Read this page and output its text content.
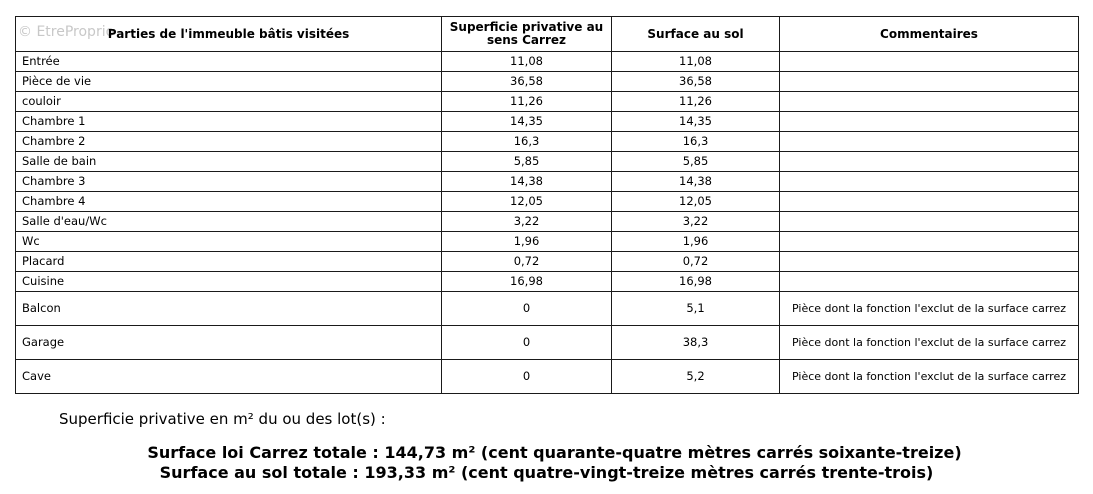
© EtreProprio
Parties de l'immeuble bâtis visitées	Superficie privative au sens Carrez	Surface au sol	Commentaires
Entrée	11,08	11,08	
Pièce de vie	36,58	36,58	
couloir	11,26	11,26	
Chambre 1	14,35	14,35	
Chambre 2	16,3	16,3	
Salle de bain	5,85	5,85	
Chambre 3	14,38	14,38	
Chambre 4	12,05	12,05	
Salle d'eau/Wc	3,22	3,22	
Wc	1,96	1,96	
Placard	0,72	0,72	
Cuisine	16,98	16,98	
Balcon	0	5,1	Pièce dont la fonction l'exclut de la surface carrez
Garage	0	38,3	Pièce dont la fonction l'exclut de la surface carrez
Cave	0	5,2	Pièce dont la fonction l'exclut de la surface carrez
Superficie privative en m² du ou des lot(s) :
Surface loi Carrez totale : 144,73 m² (cent quarante-quatre mètres carrés soixante-treize)
Surface au sol totale : 193,33 m² (cent quatre-vingt-treize mètres carrés trente-trois)
